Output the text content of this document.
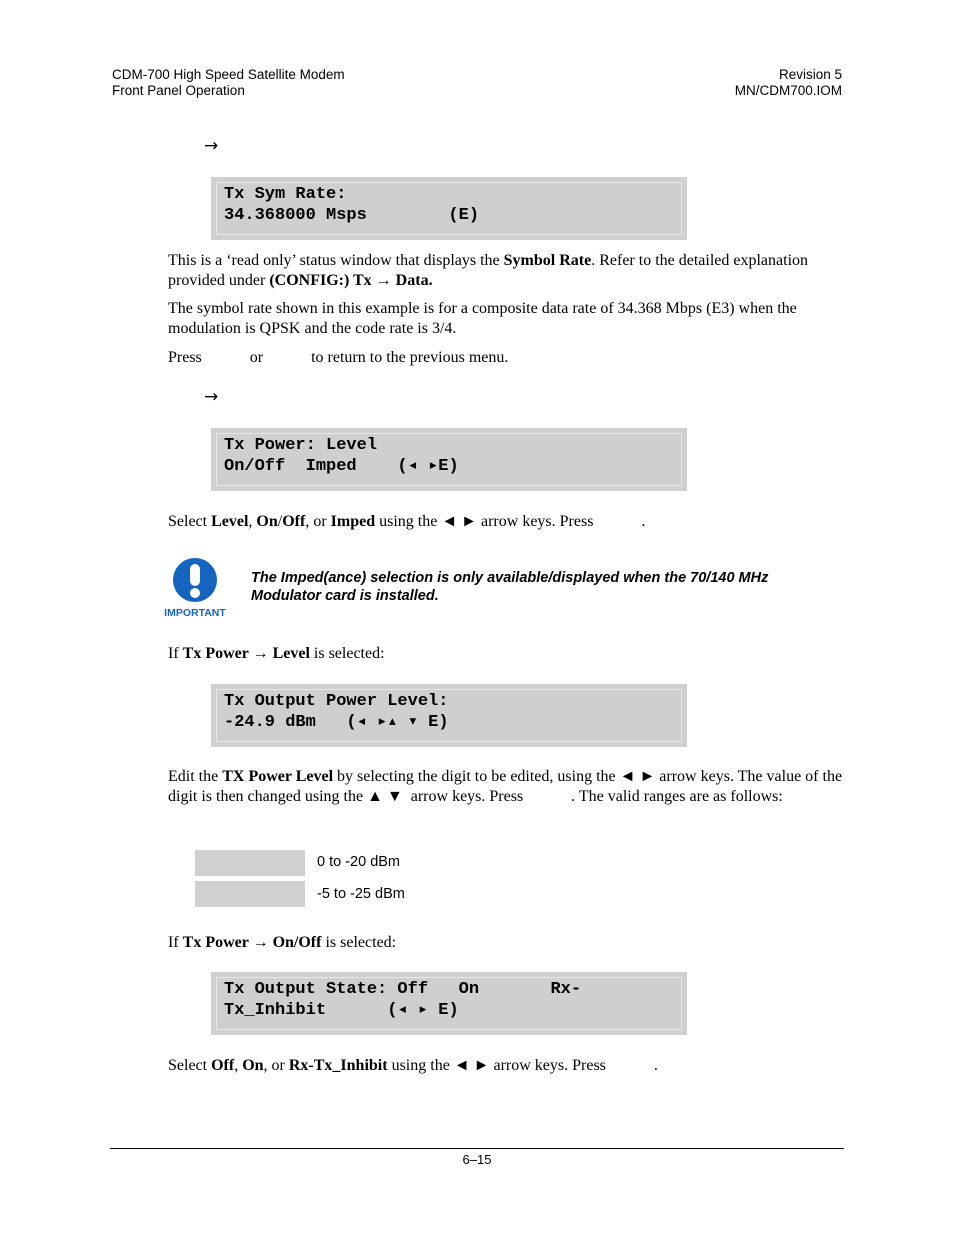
CDM-700 High Speed Satellite Modem
Front Panel Operation
Revision 5
MN/CDM700.IOM
→
Tx Sym Rate:
34.368000 Msps        (E)
This is a ‘read only’ status window that displays the Symbol Rate. Refer to the detailed explanation provided under (CONFIG:) Tx → Data.
The symbol rate shown in this example is for a composite data rate of 34.368 Mbps (E3) when the modulation is QPSK and the code rate is 3/4.
Press            or            to return to the previous menu.
→
Tx Power: Level
On/Off  Imped    (◂ ▸E)
Select Level, On/Off, or Imped using the ◄ ► arrow keys. Press            .
IMPORTANT
The Imped(ance) selection is only available/displayed when the 70/140 MHz Modulator card is installed.
If Tx Power → Level is selected:
Tx Output Power Level:
-24.9 dBm   (◂ ▸▴ ▾ E)
Edit the TX Power Level by selecting the digit to be edited, using the ◄ ► arrow keys. The value of the digit is then changed using the ▲ ▼  arrow keys. Press            . The valid ranges are as follows:
0 to -20 dBm
-5 to -25 dBm
If Tx Power → On/Off is selected:
Tx Output State: Off   On       Rx-
Tx_Inhibit      (◂ ▸ E)
Select Off, On, or Rx-Tx_Inhibit using the ◄ ► arrow keys. Press            .
6–15
